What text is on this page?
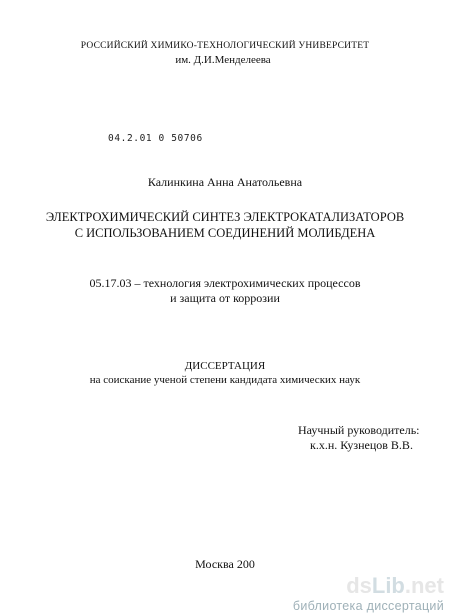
РОССИЙСКИЙ ХИМИКО-ТЕХНОЛОГИЧЕСКИЙ УНИВЕРСИТЕТ
им. Д.И.Менделеева
04.2.01 0 50706
Калинкина Анна Анатольевна
ЭЛЕКТРОХИМИЧЕСКИЙ СИНТЕЗ ЭЛЕКТРОКАТАЛИЗАТОРОВ
С ИСПОЛЬЗОВАНИЕМ СОЕДИНЕНИЙ МОЛИБДЕНА
05.17.03 – технология электрохимических процессов
и защита от коррозии
ДИССЕРТАЦИЯ
на соискание ученой степени кандидата химических наук
Научный руководитель:
к.х.н. Кузнецов В.В.
Москва 200
dsLib.net
библиотека диссертаций
